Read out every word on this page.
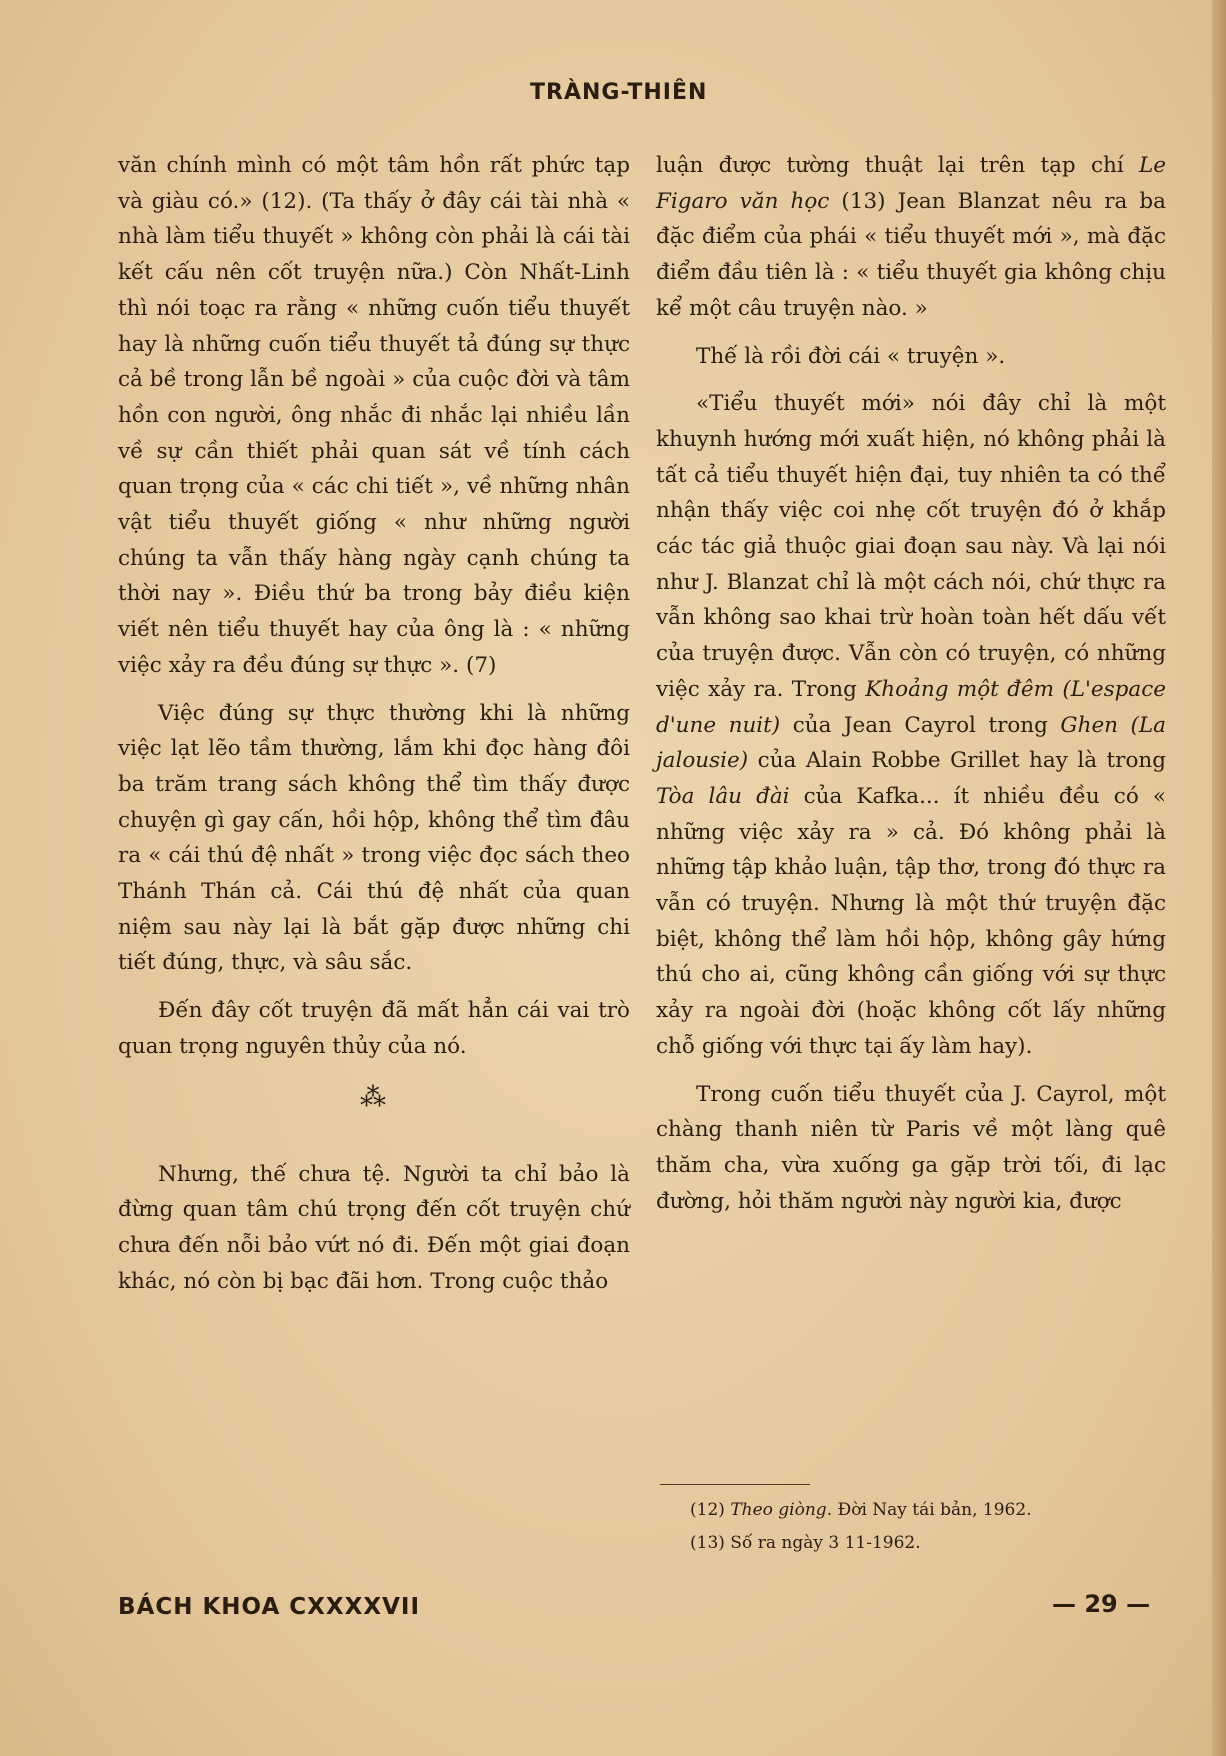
TRÀNG-THIÊN

văn chính mình có một tâm hồn rất phức tạp và giàu có.» (12). (Ta thấy ở đây cái tài nhà « nhà làm tiểu thuyết » không còn phải là cái tài kết cấu nên cốt truyện nữa.) Còn Nhất-Linh thì nói toạc ra rằng « những cuốn tiểu thuyết hay là những cuốn tiểu thuyết tả đúng sự thực cả bề trong lẫn bề ngoài » của cuộc đời và tâm hồn con người, ông nhắc đi nhắc lại nhiều lần về sự cần thiết phải quan sát về tính cách quan trọng của « các chi tiết », về những nhân vật tiểu thuyết giống « như những người chúng ta vẫn thấy hàng ngày cạnh chúng ta thời nay ». Điều thứ ba trong bảy điều kiện viết nên tiểu thuyết hay của ông là : « những việc xảy ra đều đúng sự thực ». (7)

Việc đúng sự thực thường khi là những việc lạt lẽo tầm thường, lắm khi đọc hàng đôi ba trăm trang sách không thể tìm thấy được chuyện gì gay cấn, hồi hộp, không thể tìm đâu ra « cái thú đệ nhất » trong việc đọc sách theo Thánh Thán cả. Cái thú đệ nhất của quan niệm sau này lại là bắt gặp được những chi tiết đúng, thực, và sâu sắc.

Đến đây cốt truyện đã mất hẳn cái vai trò quan trọng nguyên thủy của nó.

⁂

Nhưng, thế chưa tệ. Người ta chỉ bảo là đừng quan tâm chú trọng đến cốt truyện chứ chưa đến nỗi bảo vứt nó đi. Đến một giai đoạn khác, nó còn bị bạc đãi hơn. Trong cuộc thảo

luận được tường thuật lại trên tạp chí Le Figaro văn học (13) Jean Blanzat nêu ra ba đặc điểm của phái « tiểu thuyết mới », mà đặc điểm đầu tiên là : « tiểu thuyết gia không chịu kể một câu truyện nào. »

Thế là rồi đời cái « truyện ».

«Tiểu thuyết mới» nói đây chỉ là một khuynh hướng mới xuất hiện, nó không phải là tất cả tiểu thuyết hiện đại, tuy nhiên ta có thể nhận thấy việc coi nhẹ cốt truyện đó ở khắp các tác giả thuộc giai đoạn sau này. Và lại nói như J. Blanzat chỉ là một cách nói, chứ thực ra vẫn không sao khai trừ hoàn toàn hết dấu vết của truyện được. Vẫn còn có truyện, có những việc xảy ra. Trong Khoảng một đêm (L'espace d'une nuit) của Jean Cayrol trong Ghen (La jalousie) của Alain Robbe Grillet hay là trong Tòa lâu đài của Kafka... ít nhiều đều có « những việc xảy ra » cả. Đó không phải là những tập khảo luận, tập thơ, trong đó thực ra vẫn có truyện. Nhưng là một thứ truyện đặc biệt, không thể làm hồi hộp, không gây hứng thú cho ai, cũng không cần giống với sự thực xảy ra ngoài đời (hoặc không cốt lấy những chỗ giống với thực tại ấy làm hay).

Trong cuốn tiểu thuyết của J. Cayrol, một chàng thanh niên từ Paris về một làng quê thăm cha, vừa xuống ga gặp trời tối, đi lạc đường, hỏi thăm người này người kia, được

(12) Theo giòng. Đời Nay tái bản, 1962.

(13) Số ra ngày 3 11-1962.

BÁCH KHOA CXXXXVII	— 29 —
